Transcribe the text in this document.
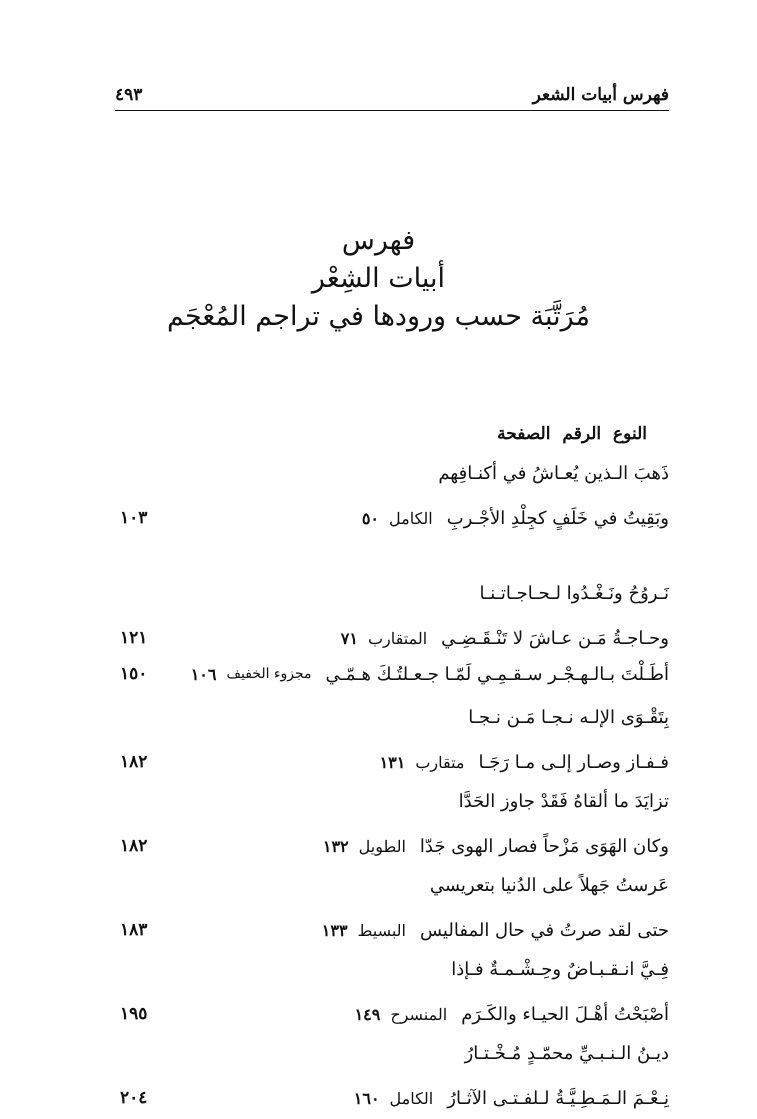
٤٩٣	فهرس أبيات الشعر
فهرس
أبيات الشِعْر
مُرَتَّبَة حسب ورودها في تراجم المُعْجَم
النوع الرقم الصفحة
ذَهبَ الـذين يُعـاشُ في أكنـافِهم
وبَقِيتُ في خَلَفٍ كجِلْدِ الأجْـربِ
الكامل
٥٠
١٠٣
نَـروُحُ ونَـغْـدُوا لـحـاجـاتـنـا
وحـاجـةُ مَـن عـاشَ لا تَنْـقَـضِـي
المتقارب
٧١
١٢١
أطَـلْتَ بـالـهـجْـر سـقـمِـي لَمّـا جـعـلتُـكَ هـمّـي
مجزوء الخفيف
١٠٦
١٥٠
بِتَقْـوَى الإلـه نـجـا مَـن نـجـا
فـفـاز وصـار إلـى مـا رَجَـا
متقارب
١٣١
١٨٢
تزايَدَ ما ألقاهُ فَقَدْ جاوز الحَدَّا
وكان الهَوَى مَزْحاً فصار الهوى جَدّا
الطويل
١٣٢
١٨٢
عَرستُ جَهلاً على الدُنيا بتعريسي
حتى لقد صرتُ في حال المفاليس
البسيط
١٣٣
١٨٣
فِـيَّ انـقـبـاضٌ وحِـشْـمـةٌ فـإذا
أصْبَحْتُ أهْـلَ الحيـاء والكَـرَم
المنسرح
١٤٩
١٩٥
ديـنُ الـنـبـيِّ محمّـدٍ مُـخْـتـارُ
نِـعْـمَ الـمَـطِـيَّـةُ لـلفـتـى الآثـارُ
الكامل
١٦٠
٢٠٤
